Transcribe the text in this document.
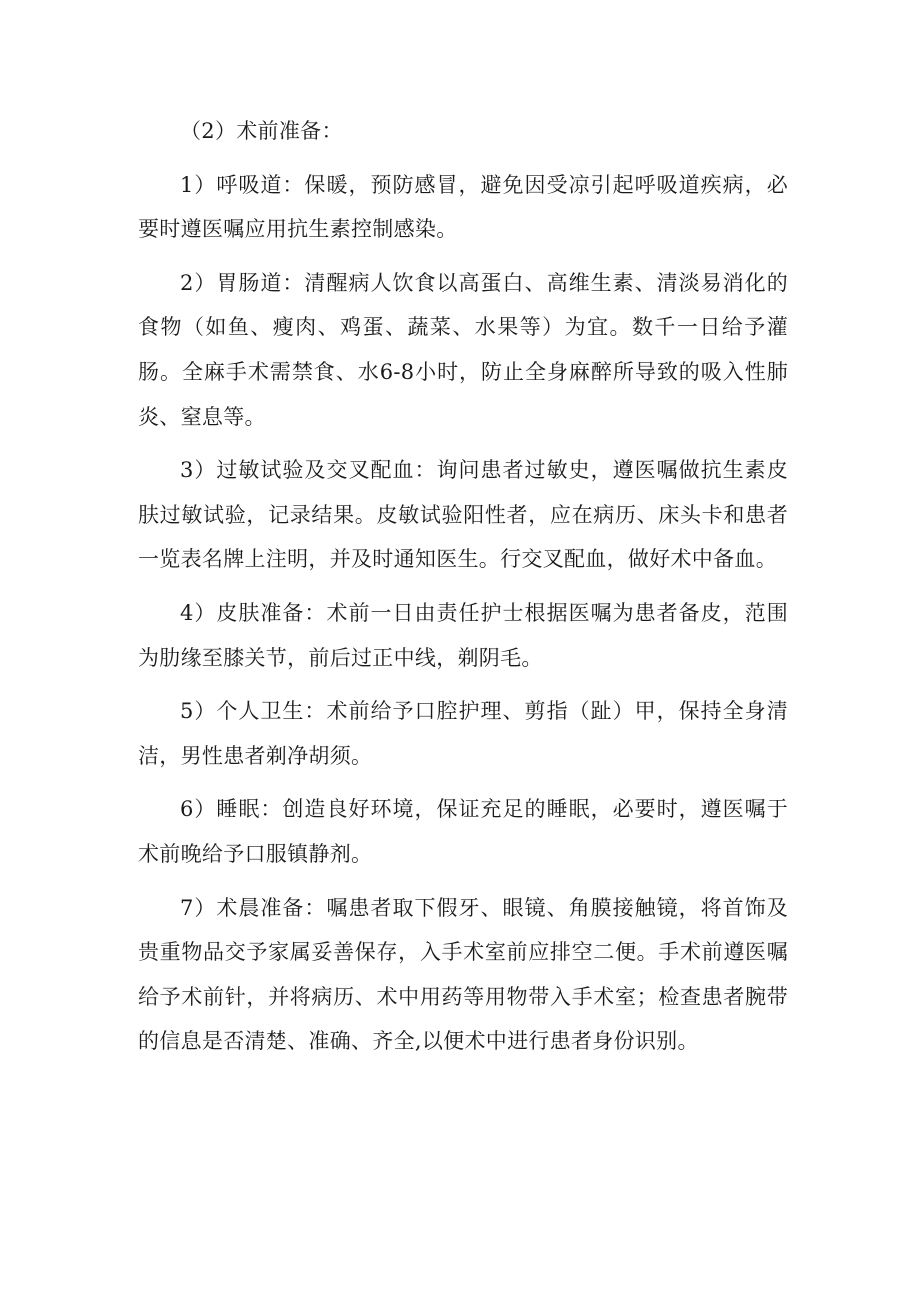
（2）术前准备：

1）呼吸道：保暖，预防感冒，避免因受凉引起呼吸道疾病，必要时遵医嘱应用抗生素控制感染。

2）胃肠道：清醒病人饮食以高蛋白、高维生素、清淡易消化的食物（如鱼、瘦肉、鸡蛋、蔬菜、水果等）为宜。数千一日给予灌肠。全麻手术需禁食、水6-8小时，防止全身麻醉所导致的吸入性肺炎、窒息等。

3）过敏试验及交叉配血：询问患者过敏史，遵医嘱做抗生素皮肤过敏试验，记录结果。皮敏试验阳性者，应在病历、床头卡和患者一览表名牌上注明，并及时通知医生。行交叉配血，做好术中备血。

4）皮肤准备：术前一日由责任护士根据医嘱为患者备皮，范围为肋缘至膝关节，前后过正中线，剃阴毛。

5）个人卫生：术前给予口腔护理、剪指（趾）甲，保持全身清洁，男性患者剃净胡须。

6）睡眠：创造良好环境，保证充足的睡眠，必要时，遵医嘱于术前晚给予口服镇静剂。

7）术晨准备：嘱患者取下假牙、眼镜、角膜接触镜，将首饰及贵重物品交予家属妥善保存，入手术室前应排空二便。手术前遵医嘱给予术前针，并将病历、术中用药等用物带入手术室；检查患者腕带的信息是否清楚、准确、齐全,以便术中进行患者身份识别。
